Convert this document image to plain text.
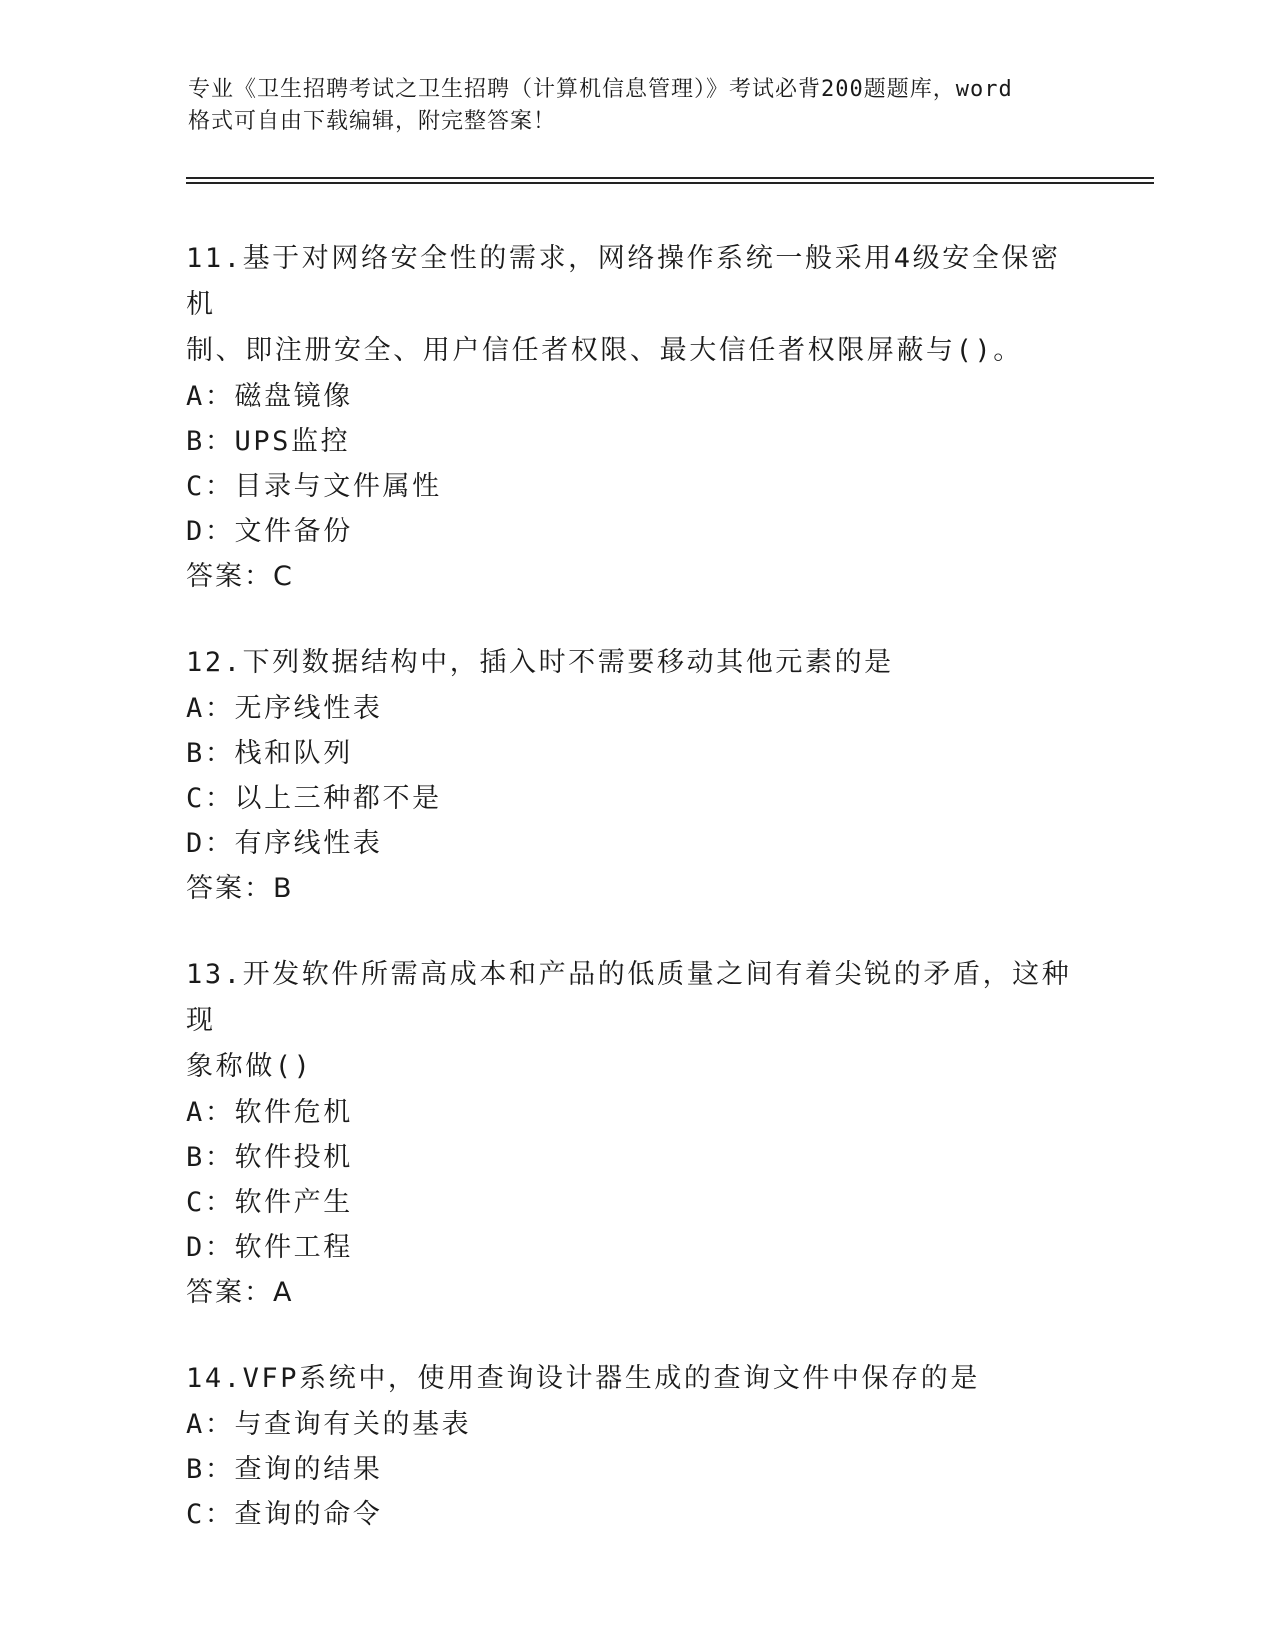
专业《卫生招聘考试之卫生招聘（计算机信息管理）》考试必背200题题库，word
格式可自由下载编辑，附完整答案！
11.基于对网络安全性的需求，网络操作系统一般采用4级安全保密机
制、即注册安全、用户信任者权限、最大信任者权限屏蔽与()。
A：磁盘镜像
B：UPS监控
C：目录与文件属性
D：文件备份
答案：C
12.下列数据结构中，插入时不需要移动其他元素的是
A：无序线性表
B：栈和队列
C：以上三种都不是
D：有序线性表
答案：B
13.开发软件所需高成本和产品的低质量之间有着尖锐的矛盾，这种现
象称做()
A：软件危机
B：软件投机
C：软件产生
D：软件工程
答案：A
14.VFP系统中，使用查询设计器生成的查询文件中保存的是
A：与查询有关的基表
B：查询的结果
C：查询的命令
